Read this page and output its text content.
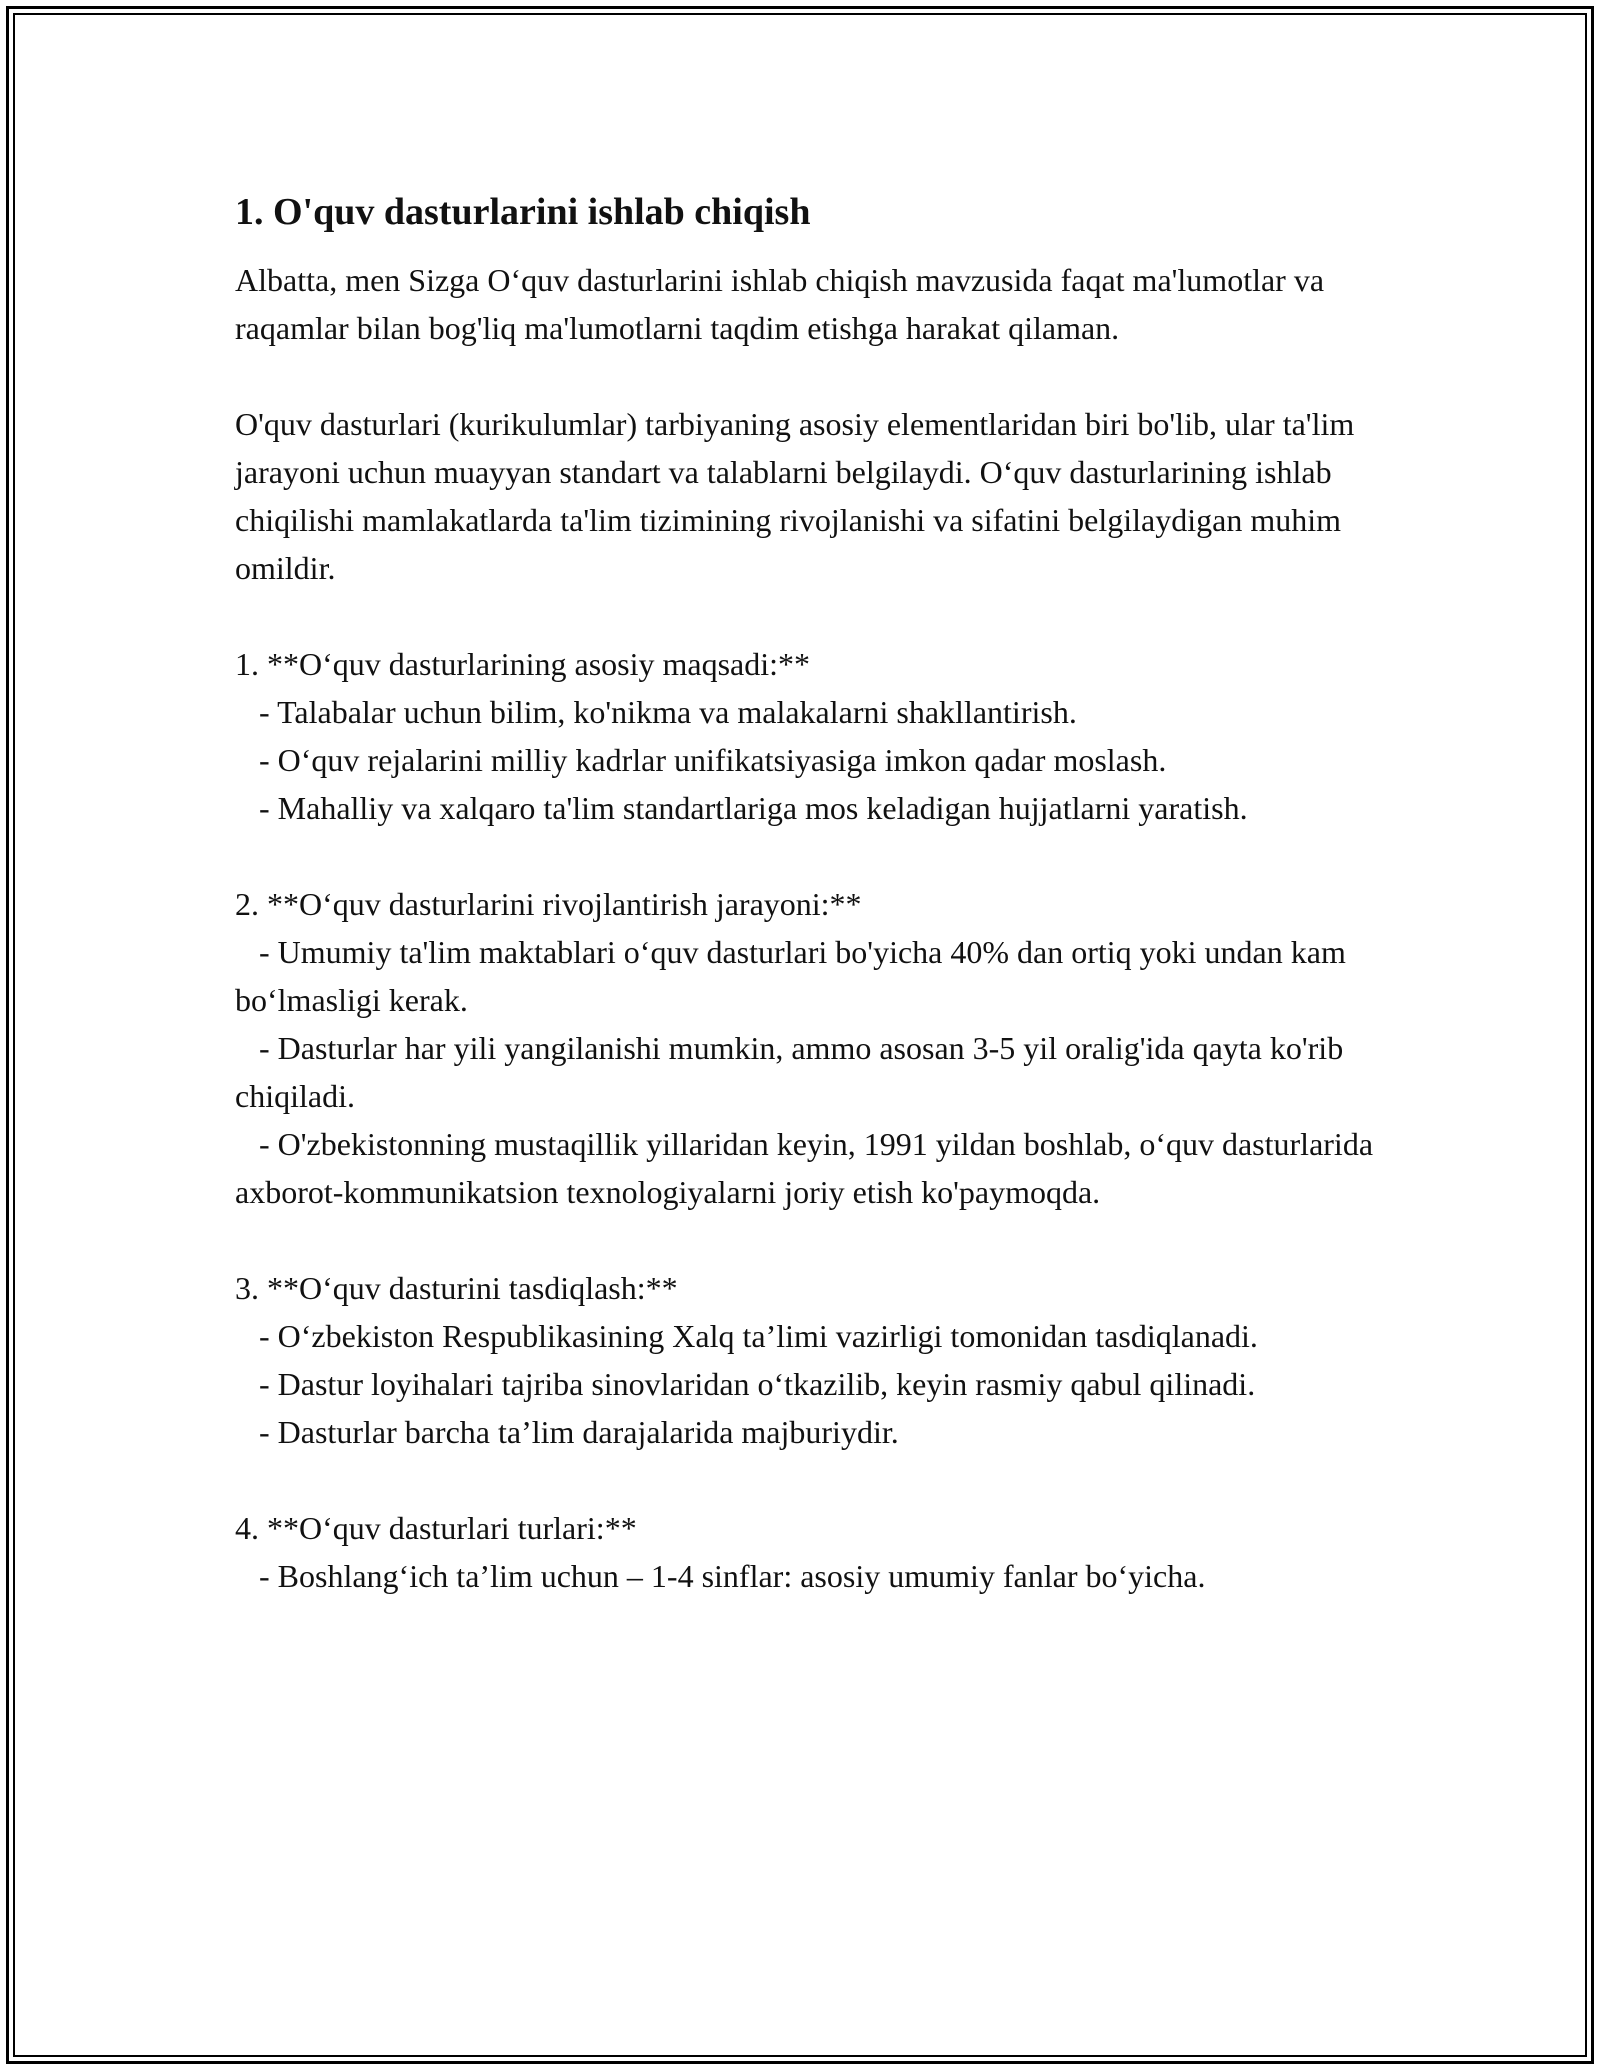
1. O'quv dasturlarini ishlab chiqish

Albatta, men Sizga O‘quv dasturlarini ishlab chiqish mavzusida faqat ma'lumotlar va raqamlar bilan bog'liq ma'lumotlarni taqdim etishga harakat qilaman.

O'quv dasturlari (kurikulumlar) tarbiyaning asosiy elementlaridan biri bo'lib, ular ta'lim jarayoni uchun muayyan standart va talablarni belgilaydi. O‘quv dasturlarining ishlab chiqilishi mamlakatlarda ta'lim tizimining rivojlanishi va sifatini belgilaydigan muhim omildir.

1. **O‘quv dasturlarining asosiy maqsadi:**
- Talabalar uchun bilim, ko'nikma va malakalarni shakllantirish.
- O‘quv rejalarini milliy kadrlar unifikatsiyasiga imkon qadar moslash.
- Mahalliy va xalqaro ta'lim standartlariga mos keladigan hujjatlarni yaratish.

2. **O‘quv dasturlarini rivojlantirish jarayoni:**
- Umumiy ta'lim maktablari o‘quv dasturlari bo'yicha 40% dan ortiq yoki undan kam bo‘lmasligi kerak.
- Dasturlar har yili yangilanishi mumkin, ammo asosan 3-5 yil oralig'ida qayta ko'rib chiqiladi.
- O'zbekistonning mustaqillik yillaridan keyin, 1991 yildan boshlab, o‘quv dasturlarida axborot-kommunikatsion texnologiyalarni joriy etish ko'paymoqda.

3. **O‘quv dasturini tasdiqlash:**
- O‘zbekiston Respublikasining Xalq ta’limi vazirligi tomonidan tasdiqlanadi.
- Dastur loyihalari tajriba sinovlaridan o‘tkazilib, keyin rasmiy qabul qilinadi.
- Dasturlar barcha ta’lim darajalarida majburiydir.

4. **O‘quv dasturlari turlari:**
- Boshlang‘ich ta’lim uchun – 1-4 sinflar: asosiy umumiy fanlar bo‘yicha.
